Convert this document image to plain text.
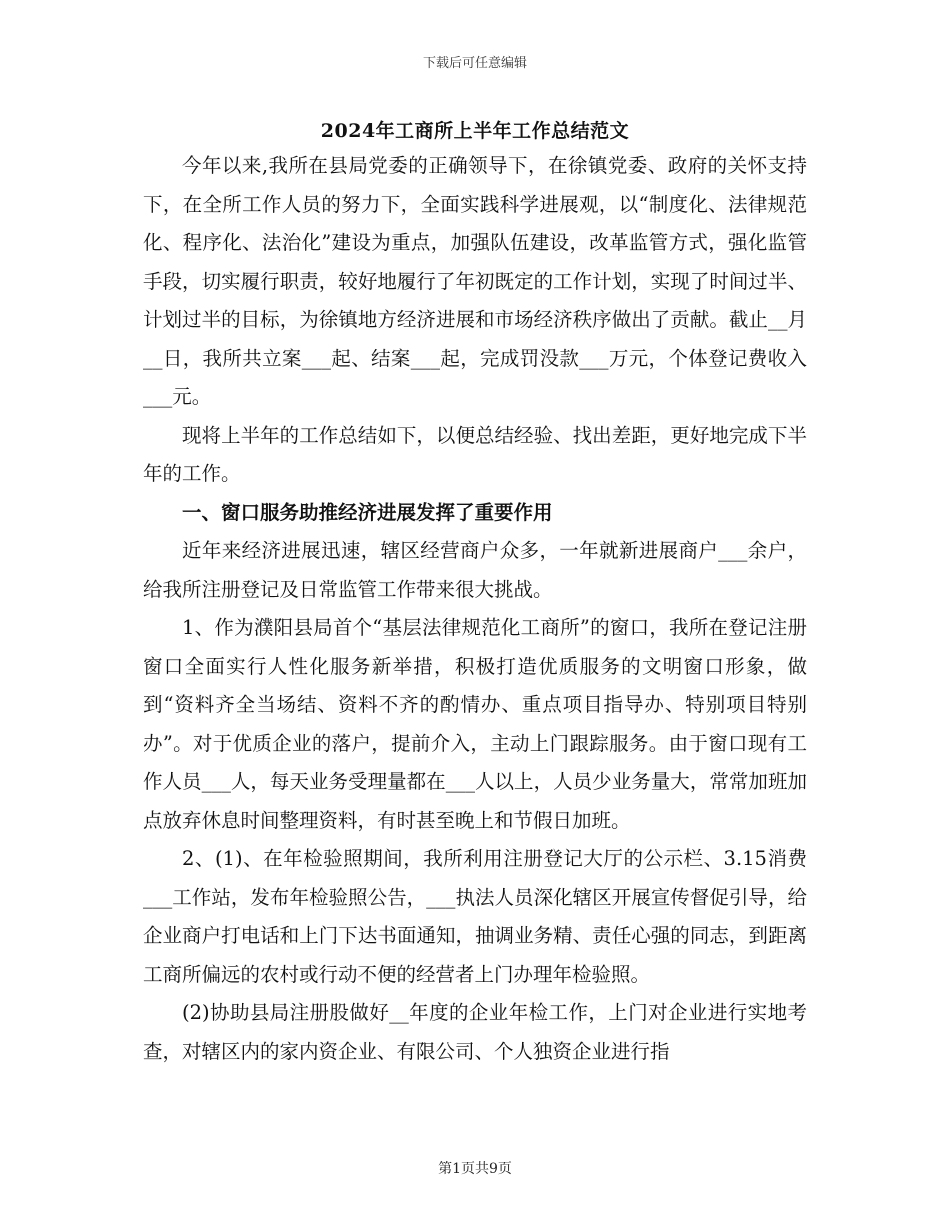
下载后可任意编辑
2024年工商所上半年工作总结范文

今年以来,我所在县局党委的正确领导下，在徐镇党委、政府的关怀支持下，在全所工作人员的努力下，全面实践科学进展观，以“制度化、法律规范化、程序化、法治化”建设为重点，加强队伍建设，改革监管方式，强化监管手段，切实履行职责，较好地履行了年初既定的工作计划，实现了时间过半、计划过半的目标，为徐镇地方经济进展和市场经济秩序做出了贡献。截止__月__日，我所共立案___起、结案___起，完成罚没款___万元，个体登记费收入___元。

现将上半年的工作总结如下，以便总结经验、找出差距，更好地完成下半年的工作。

一、窗口服务助推经济进展发挥了重要作用

近年来经济进展迅速，辖区经营商户众多，一年就新进展商户___余户，给我所注册登记及日常监管工作带来很大挑战。

1、作为濮阳县局首个“基层法律规范化工商所”的窗口，我所在登记注册窗口全面实行人性化服务新举措，积极打造优质服务的文明窗口形象，做到“资料齐全当场结、资料不齐的酌情办、重点项目指导办、特别项目特别办”。对于优质企业的落户，提前介入，主动上门跟踪服务。由于窗口现有工作人员___人，每天业务受理量都在___人以上，人员少业务量大，常常加班加点放弃休息时间整理资料，有时甚至晚上和节假日加班。

2、(1)、在年检验照期间，我所利用注册登记大厅的公示栏、3.15消费___工作站，发布年检验照公告，___执法人员深化辖区开展宣传督促引导，给企业商户打电话和上门下达书面通知，抽调业务精、责任心强的同志，到距离工商所偏远的农村或行动不便的经营者上门办理年检验照。

(2)协助县局注册股做好__年度的企业年检工作，上门对企业进行实地考查，对辖区内的家内资企业、有限公司、个人独资企业进行指

第1页共9页
